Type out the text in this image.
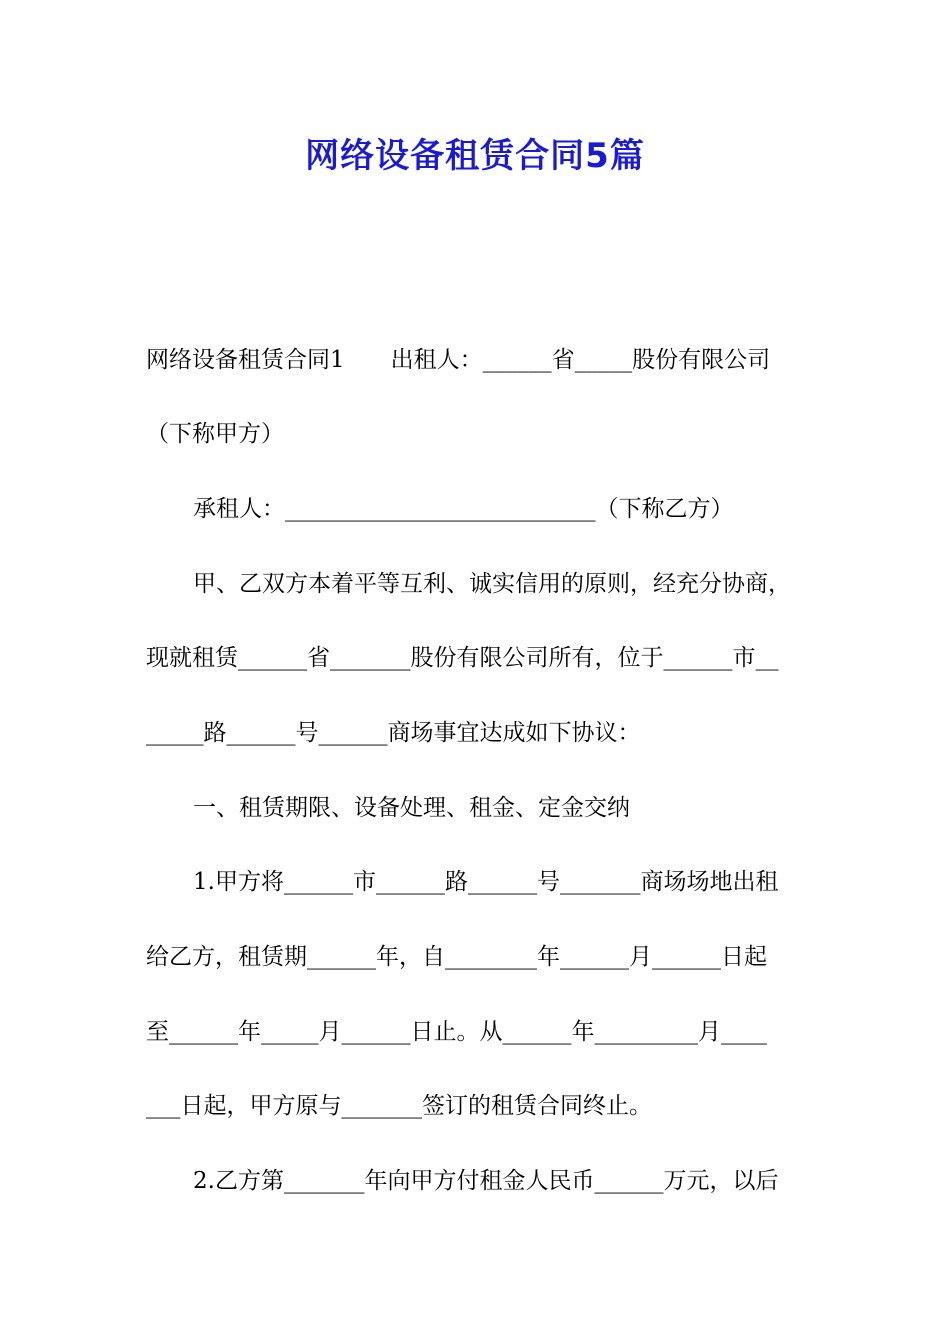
网络设备租赁合同5篇
网络设备租赁合同1　　出租人：______省_____股份有限公司
（下称甲方）
承租人：___________________________（下称乙方）
甲、乙双方本着平等互利、诚实信用的原则，经充分协商，
现就租赁______省_______股份有限公司所有，位于______市__
_____路______号______商场事宜达成如下协议：
一、租赁期限、设备处理、租金、定金交纳
1.甲方将______市______路______号_______商场场地出租
给乙方，租赁期______年，自________年______月______日起
至______年_____月______日止。从______年_________月____
___日起，甲方原与_______签订的租赁合同终止。
2.乙方第_______年向甲方付租金人民币______万元，以后
